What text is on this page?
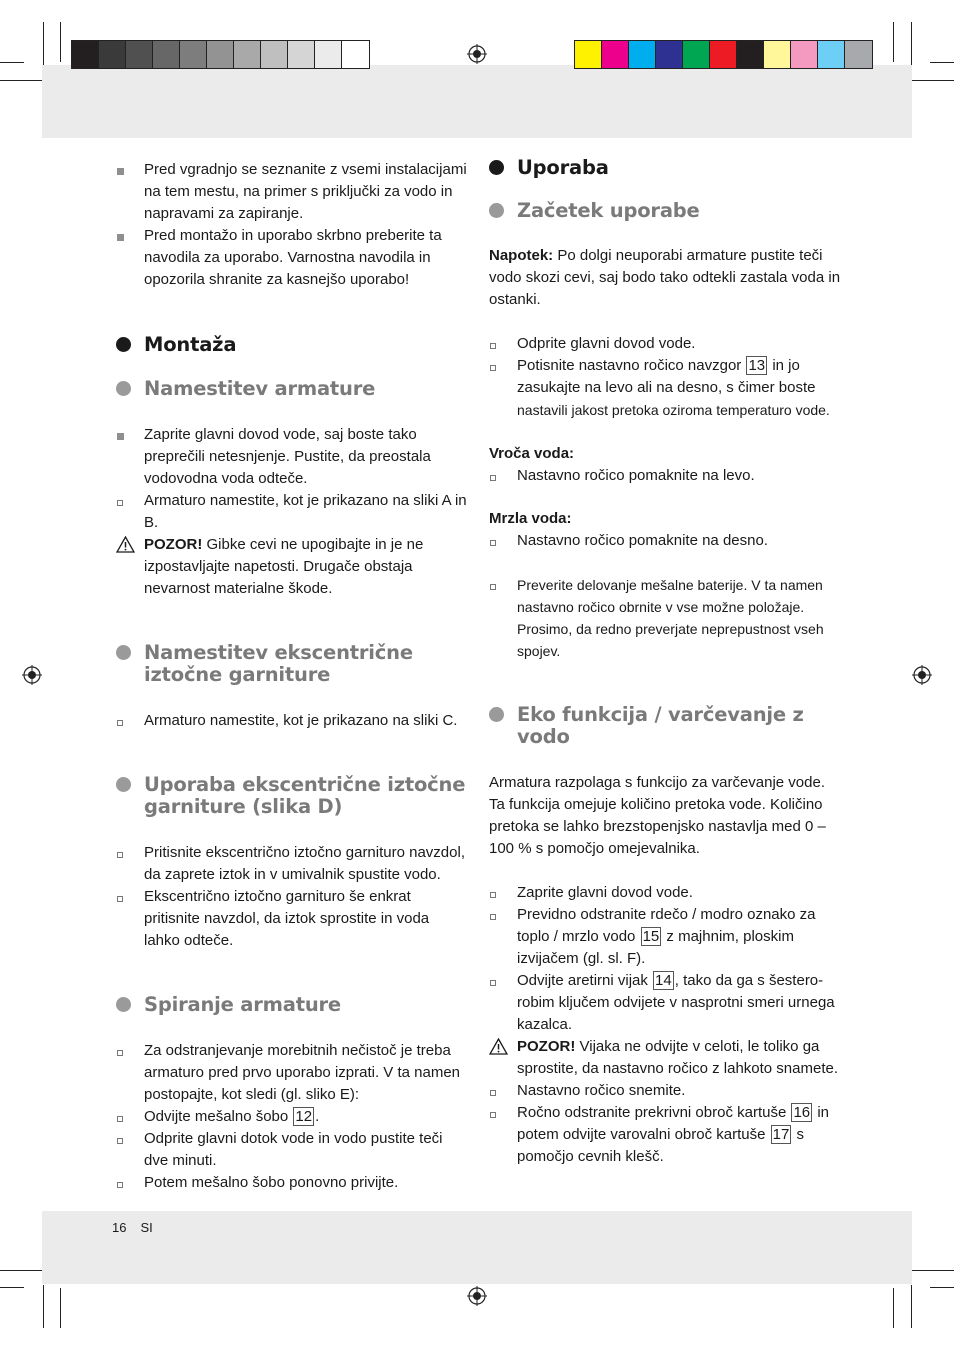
Pred vgradnjo se seznanite z vsemi instalacijami na tem mestu, na primer s priključki za vodo in napravami za zapiranje.

Pred montažo in uporabo skrbno preberite ta navodila za uporabo. Varnostna navodila in opozorila shranite za kasnejšo uporabo!

Montaža
Namestitev armature

Zaprite glavni dovod vode, saj boste tako preprečili netesnjenje. Pustite, da preostala vodovodna voda odteče.

Armaturo namestite, kot je prikazano na sliki A in B.

POZOR! Gibke cevi ne upogibajte in je ne izpostavljajte napetosti. Drugače obstaja nevarnost materialne škode.

Namestitev ekscentrične iztočne garniture

Armaturo namestite, kot je prikazano na sliki C.

Uporaba ekscentrične iztočne garniture (slika D)

Pritisnite ekscentrično iztočno garnituro navzdol, da zaprete iztok in v umivalnik spustite vodo.

Ekscentrično iztočno garnituro še enkrat pritisnite navzdol, da iztok sprostite in voda lahko odteče.

Spiranje armature

Za odstranjevanje morebitnih nečistoč je treba armaturo pred prvo uporabo izprati. V ta namen postopajte, kot sledi (gl. sliko E):

Odvijte mešalno šobo 12 .

Odprite glavni dotok vode in vodo pustite teči dve minuti.

Potem mešalno šobo ponovno privijte.

Uporaba
Začetek uporabe

Napotek: Po dolgi neuporabi armature pustite teči vodo skozi cevi, saj bodo tako odtekli zastala voda in ostanki.

Odprite glavni dovod vode.

Potisnite nastavno ročico navzgor 13 in jo zasukajte na levo ali na desno, s čimer boste

nastavili jakost pretoka oziroma temperaturo vode.

Vroča voda:

Nastavno ročico pomaknite na levo.

Mrzla voda:

Nastavno ročico pomaknite na desno.

Preverite delovanje mešalne baterije. V ta namen nastavno ročico obrnite v vse možne položaje. Prosimo, da redno preverjate neprepustnost vseh spojev.

Eko funkcija / varčevanje z vodo

Armatura razpolaga s funkcijo za varčevanje vode. Ta funkcija omejuje količino pretoka vode. Količino pretoka se lahko brezstopenjsko nastavlja med 0 – 100 % s pomočjo omejevalnika.

Zaprite glavni dovod vode.

Previdno odstranite rdečo / modro oznako za toplo / mrzlo vodo 15 z majhnim, ploskim izvijačem (gl. sl. F).

Odvijte aretirni vijak 14 , tako da ga s šestero-robim ključem odvijete v nasprotni smeri urnega kazalca.

POZOR! Vijaka ne odvijte v celoti, le toliko ga sprostite, da nastavno ročico z lahkoto snamete.

Nastavno ročico snemite.

Ročno odstranite prekrivni obroč kartuše 16 in potem odvijte varovalni obroč kartuše 17 s pomočjo cevnih klešč.

16 SI
